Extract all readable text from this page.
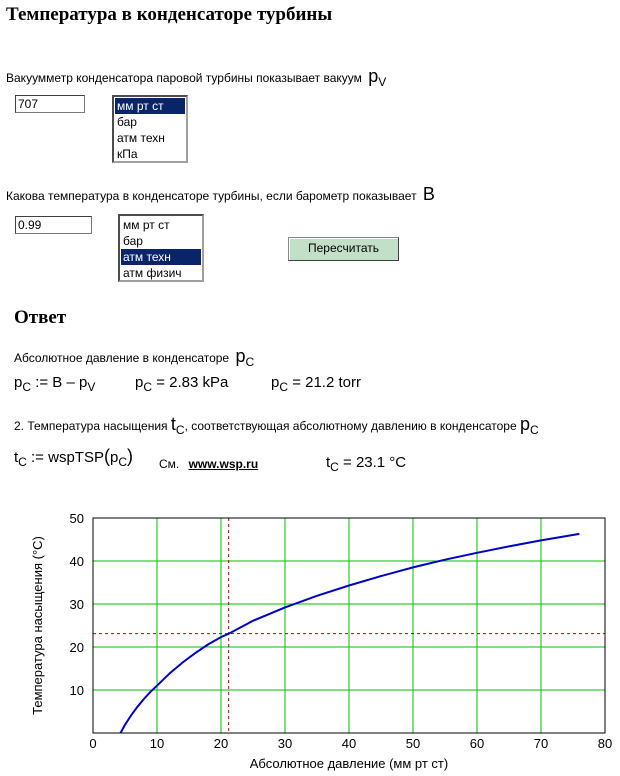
Температура в конденсаторе турбины
Вакуумметр конденсатора паровой турбины показывает вакуум $p_V$
707
мм рт ст
бар
атм техн
кПа
Какова температура в конденсаторе турбины, если барометр показывает B
0.99
мм рт ст
бар
атм техн
атм физич
Пересчитать
Ответ
Абсолютное давление в конденсаторе $p_C$
$p_C$ := B – $p_V$	$p_C = 2.83$ kPa	$p_C = 21.2$ torr
2. Температура насыщения $t_C$, соответствующая абсолютному давлению в конденсаторе $p_C$
$t_C$ := $wspTSP(p_C)$ См. www.wsp.ru	$t_C = 23.1$ °C
0	10	20	30	40	50	60	70	80
10
20
30
40
50
Абсолютное давление (мм рт ст)
Температура насыщения (°C)
